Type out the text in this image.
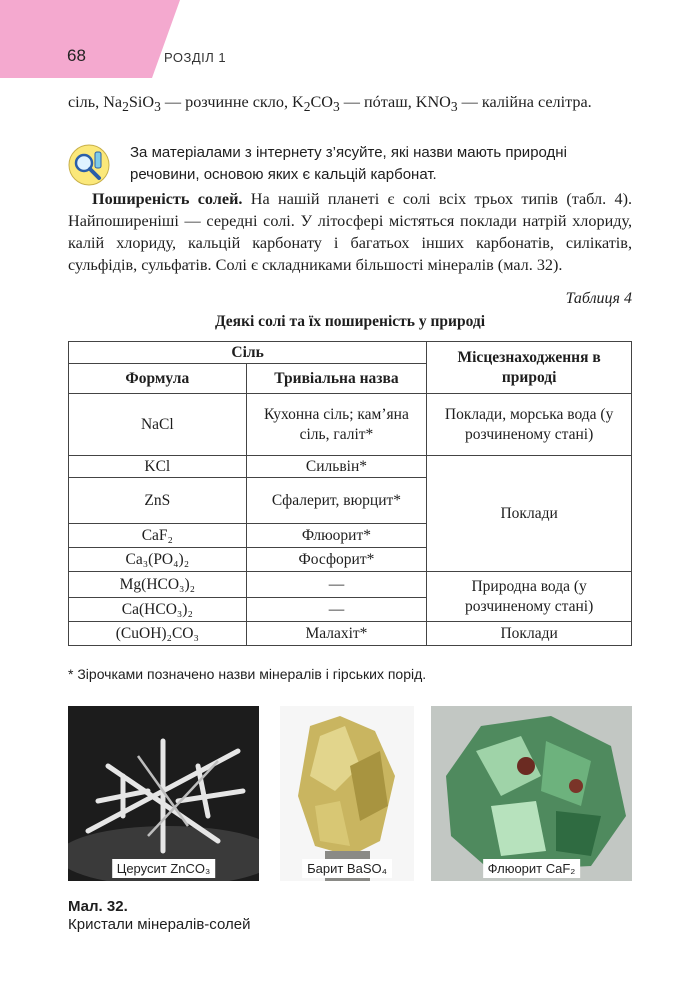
68	РОЗДІЛ 1
сіль, $Na_2SiO_3$ — розчинне скло, $K_2CO_3$ — пóташ, $KNO_3$ — калійна селітра.
За матеріалами з інтернету з’ясуйте, які назви мають природні речовини, основою яких є кальцій карбонат.
Поширеність солей. На нашій планеті є солі всіх трьох типів (табл. 4). Найпоширеніші — середні солі. У літосфері містяться поклади натрій хлориду, калій хлориду, кальцій карбонату і багатьох інших карбонатів, силікатів, сульфідів, сульфатів. Солі є складниками більшості мінералів (мал. 32).
Таблиця 4
Деякі солі та їх поширеність у природі
Сіль		Місцезнаходження в природі
Формула	Тривіальна назва	
NaCl	Кухонна сіль; кам’яна сіль, галіт*	Поклади, морська вода (у розчиненому стані)
KCl	Сильвін*	Поклади
ZnS	Сфалерит, вюрцит*	
CaF₂	Флюорит*	
Ca₃(PO₄)₂	Фосфорит*	
Mg(HCO₃)₂	—	Природна вода (у розчиненому стані)
Ca(HCO₃)₂	—	
(CuOH)₂CO₃	Малахіт*	Поклади
* Зірочками позначено назви мінералів і гірських порід.
Церусит ZnCO₃	Барит BaSO₄	Флюорит CaF₂
Мал. 32.
Кристали мінералів-солей
